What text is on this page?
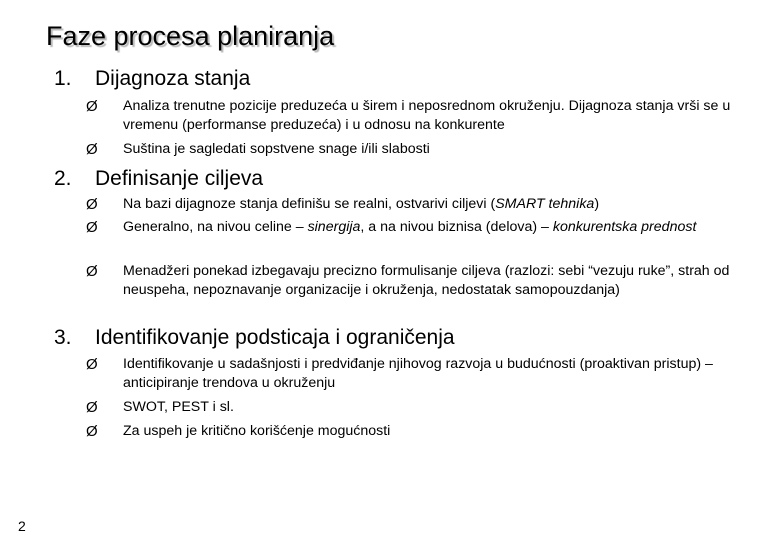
Faze procesa planiranja
1. Dijagnoza stanja
Ø	Analiza trenutne pozicije preduzeća u širem i neposrednom okruženju. Dijagnoza stanja vrši se u vremenu (performanse preduzeća) i u odnosu na konkurente
Ø	Suština je sagledati sopstvene snage i/ili slabosti
2. Definisanje ciljeva
Ø	Na bazi dijagnoze stanja definišu se realni, ostvarivi ciljevi (SMART tehnika)
Ø	Generalno, na nivou celine – sinergija, a na nivou biznisa (delova) – konkurentska prednost
Ø	Menadžeri ponekad izbegavaju precizno formulisanje ciljeva (razlozi: sebi “vezuju ruke”, strah od neuspeha, nepoznavanje organizacije i okruženja, nedostatak samopouzdanja)
3. Identifikovanje podsticaja i ograničenja
Ø	Identifikovanje u sadašnjosti i predviđanje njihovog razvoja u budućnosti (proaktivan pristup) – anticipiranje trendova u okruženju
Ø	SWOT, PEST i sl.
Ø	Za uspeh je kritično korišćenje mogućnosti
2
